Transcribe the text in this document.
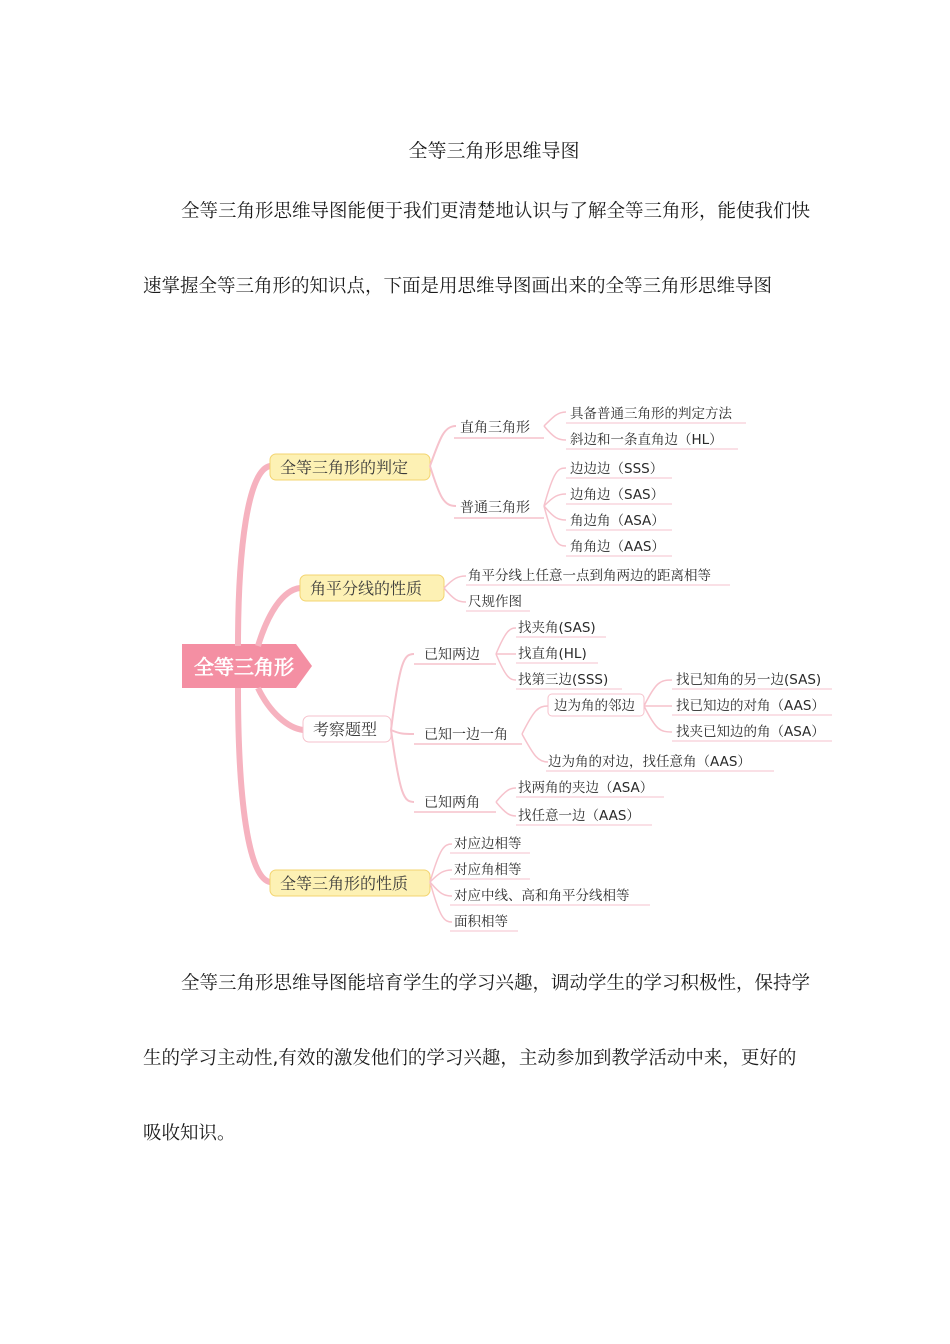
全等三角形思维导图

全等三角形思维导图能便于我们更清楚地认识与了解全等三角形，能使我们快速掌握全等三角形的知识点，下面是用思维导图画出来的全等三角形思维导图

全等三角形
全等三角形的判定
角平分线的性质
考察题型
全等三角形的性质
直角三角形
普通三角形
具备普通三角形的判定方法
斜边和一条直角边（HL）
边边边（SSS）
边角边（SAS）
角边角（ASA）
角角边（AAS）
角平分线上任意一点到角两边的距离相等
尺规作图
已知两边
已知一边一角
已知两角
找夹角(SAS)
找直角(HL)
找第三边(SSS)
边为角的邻边
边为角的对边，找任意角（AAS）
找已知角的另一边(SAS)
找已知边的对角（AAS）
找夹已知边的角（ASA）
找两角的夹边（ASA）
找任意一边（AAS）
对应边相等
对应角相等
对应中线、高和角平分线相等
面积相等

全等三角形思维导图能培育学生的学习兴趣，调动学生的学习积极性，保持学生的学习主动性,有效的激发他们的学习兴趣，主动参加到教学活动中来，更好的吸收知识。
